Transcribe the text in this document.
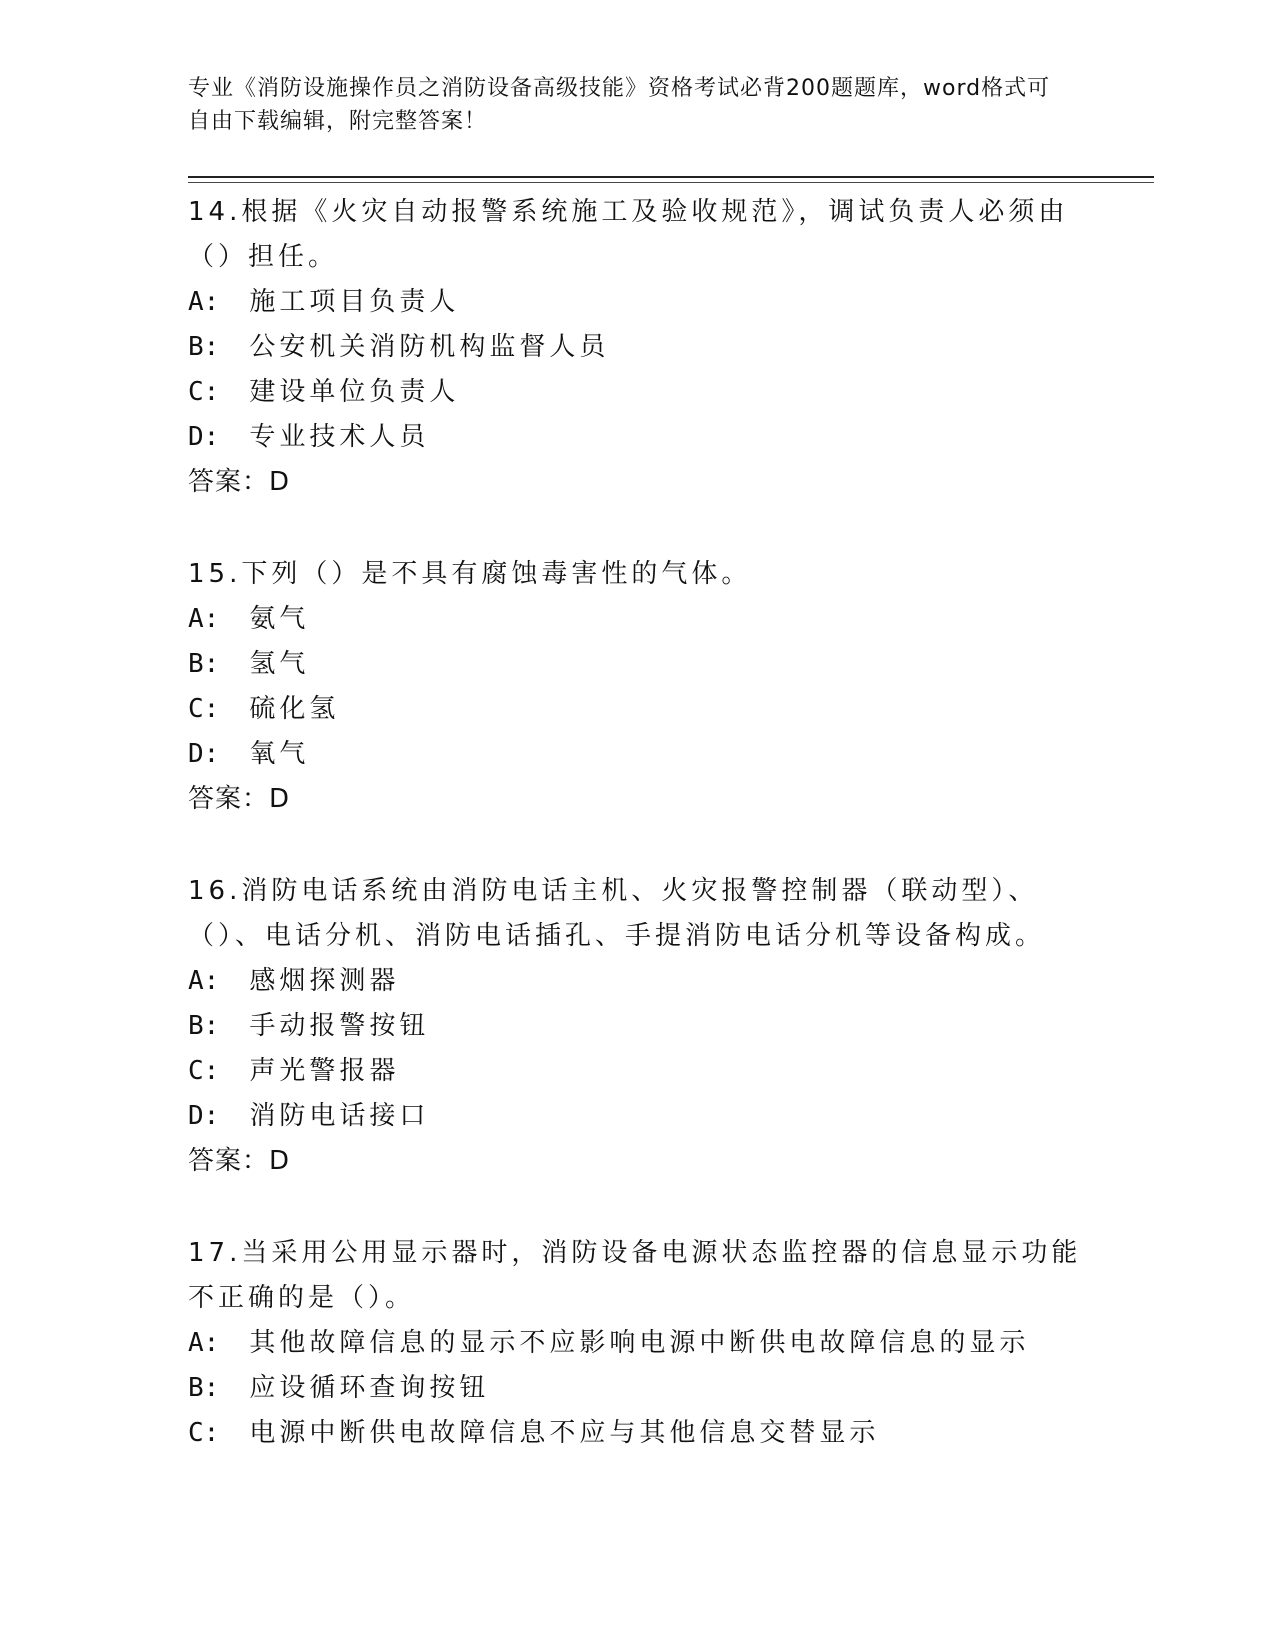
专业《消防设施操作员之消防设备高级技能》资格考试必背200题题库，word格式可自由下载编辑，附完整答案！
14.根据《火灾自动报警系统施工及验收规范》，调试负责人必须由（）担任。
A: 施工项目负责人
B: 公安机关消防机构监督人员
C: 建设单位负责人
D: 专业技术人员
答案：D
15.下列（）是不具有腐蚀毒害性的气体。
A: 氨气
B: 氢气
C: 硫化氢
D: 氧气
答案：D
16.消防电话系统由消防电话主机、火灾报警控制器（联动型）、（）、电话分机、消防电话插孔、手提消防电话分机等设备构成。
A: 感烟探测器
B: 手动报警按钮
C: 声光警报器
D: 消防电话接口
答案：D
17.当采用公用显示器时，消防设备电源状态监控器的信息显示功能不正确的是（）。
A: 其他故障信息的显示不应影响电源中断供电故障信息的显示
B: 应设循环查询按钮
C: 电源中断供电故障信息不应与其他信息交替显示
